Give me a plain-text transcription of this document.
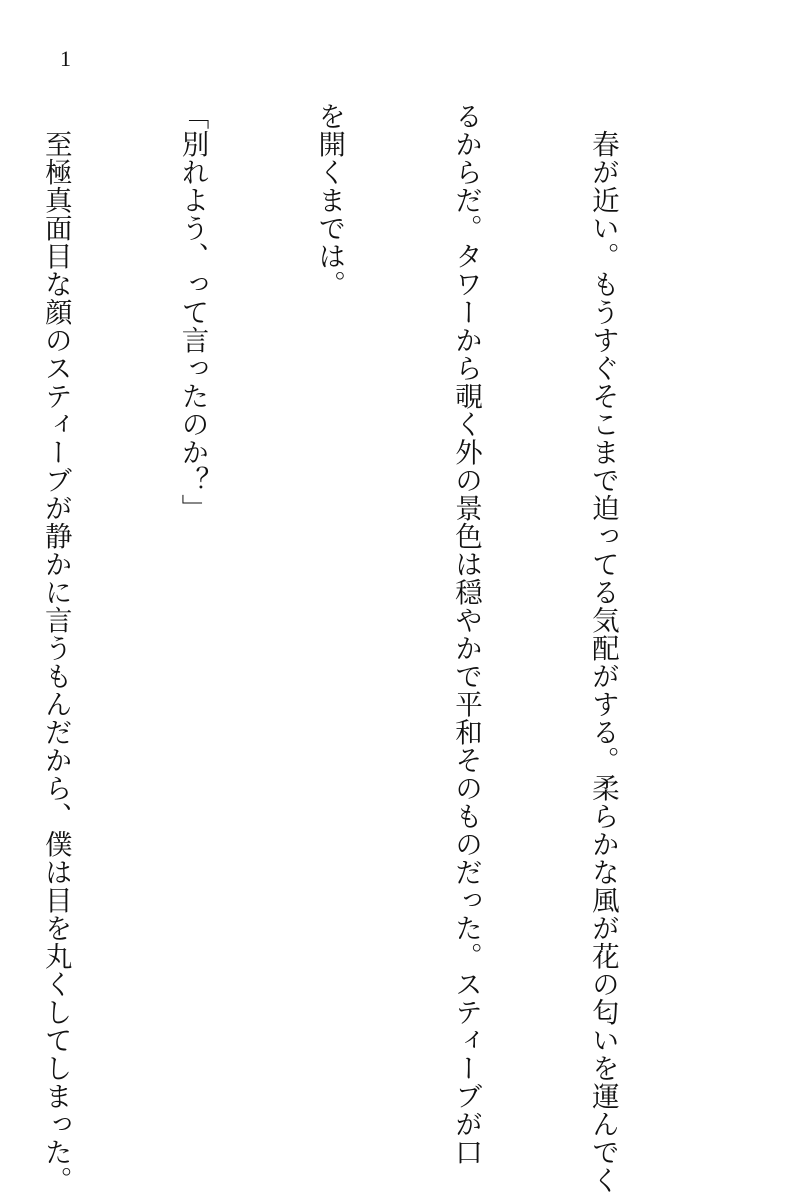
1

　春が近い。もうすぐそこまで迫ってる気配がする。柔らかな風が花の匂いを運んでく

るからだ。タワーから覗く外の景色は穏やかで平和そのものだった。スティーブが口

を開くまでは。

「別れよう、って言ったのか？」

　至極真面目な顔のスティーブが静かに言うもんだから、僕は目を丸くしてしまった。
